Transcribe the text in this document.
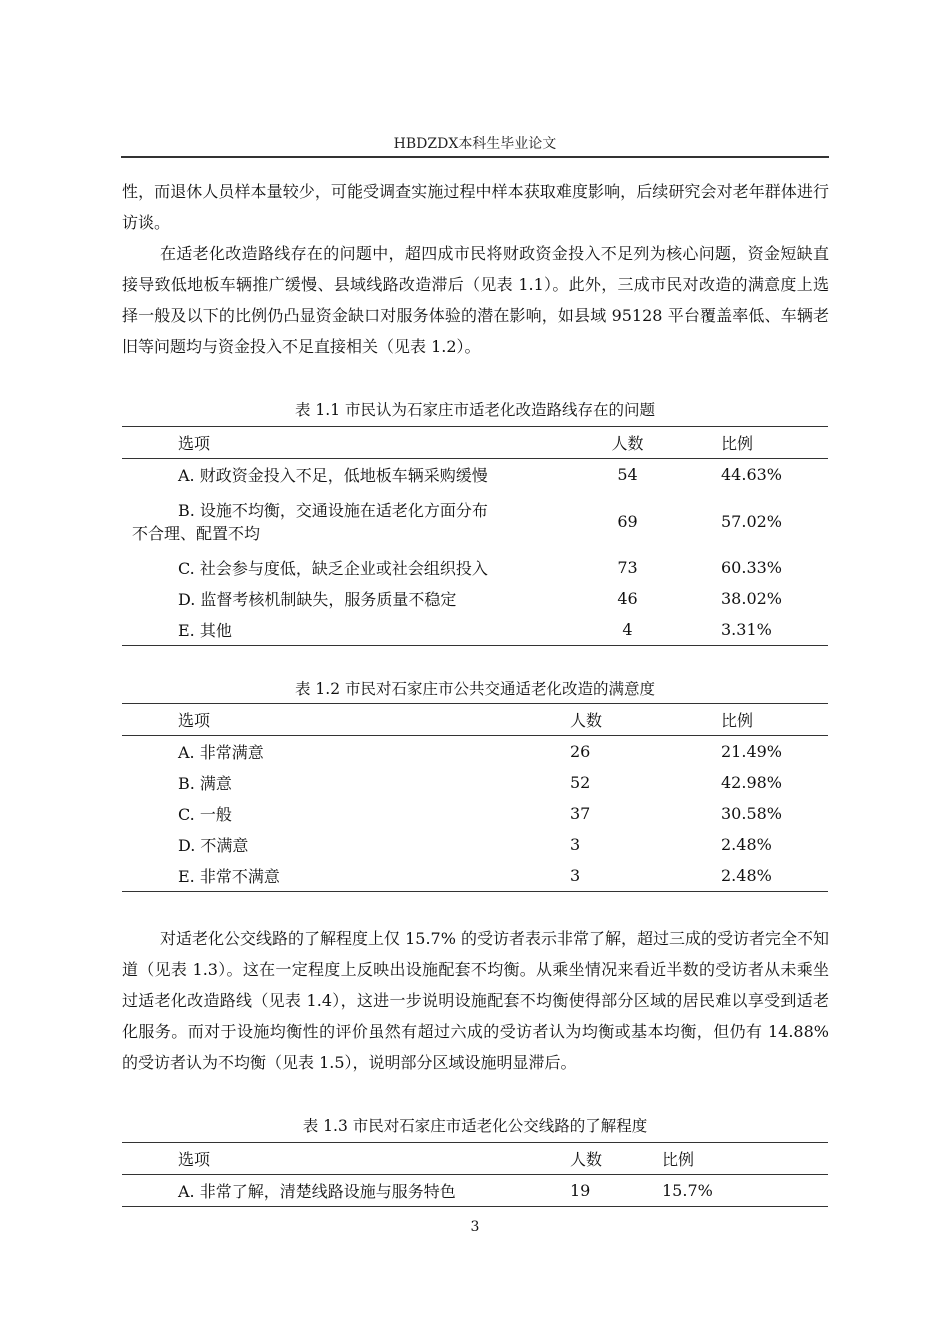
HBDZDX本科生毕业论文

性，而退休人员样本量较少，可能受调查实施过程中样本获取难度影响，后续研究会对老年群体进行访谈。

在适老化改造路线存在的问题中，超四成市民将财政资金投入不足列为核心问题，资金短缺直接导致低地板车辆推广缓慢、县域线路改造滞后（见表 1.1）。此外，三成市民对改造的满意度上选择一般及以下的比例仍凸显资金缺口对服务体验的潜在影响，如县域 95128 平台覆盖率低、车辆老旧等问题均与资金投入不足直接相关（见表 1.2）。

表 1.1 市民认为石家庄市适老化改造路线存在的问题
选项	人数	比例
A. 财政资金投入不足，低地板车辆采购缓慢	54	44.63%

B. 设施不均衡，交通设施在适老化方面分布
不合理、配置不均	69	57.02%
C. 社会参与度低，缺乏企业或社会组织投入	73	60.33%
D. 监督考核机制缺失，服务质量不稳定	46	38.02%
E. 其他	4	3.31%
表 1.2 市民对石家庄市公共交通适老化改造的满意度
选项	人数	比例
A. 非常满意	26	21.49%
B. 满意	52	42.98%
C. 一般	37	30.58%
D. 不满意	3	2.48%
E. 非常不满意	3	2.48%

对适老化公交线路的了解程度上仅 15.7% 的受访者表示非常了解，超过三成的受访者完全不知道（见表 1.3）。这在一定程度上反映出设施配套不均衡。从乘坐情况来看近半数的受访者从未乘坐过适老化改造路线（见表 1.4），这进一步说明设施配套不均衡使得部分区域的居民难以享受到适老化服务。而对于设施均衡性的评价虽然有超过六成的受访者认为均衡或基本均衡，但仍有 14.88% 的受访者认为不均衡（见表 1.5），说明部分区域设施明显滞后。

表 1.3 市民对石家庄市适老化公交线路的了解程度
选项	人数	比例
A. 非常了解，清楚线路设施与服务特色	19	15.7%
3
